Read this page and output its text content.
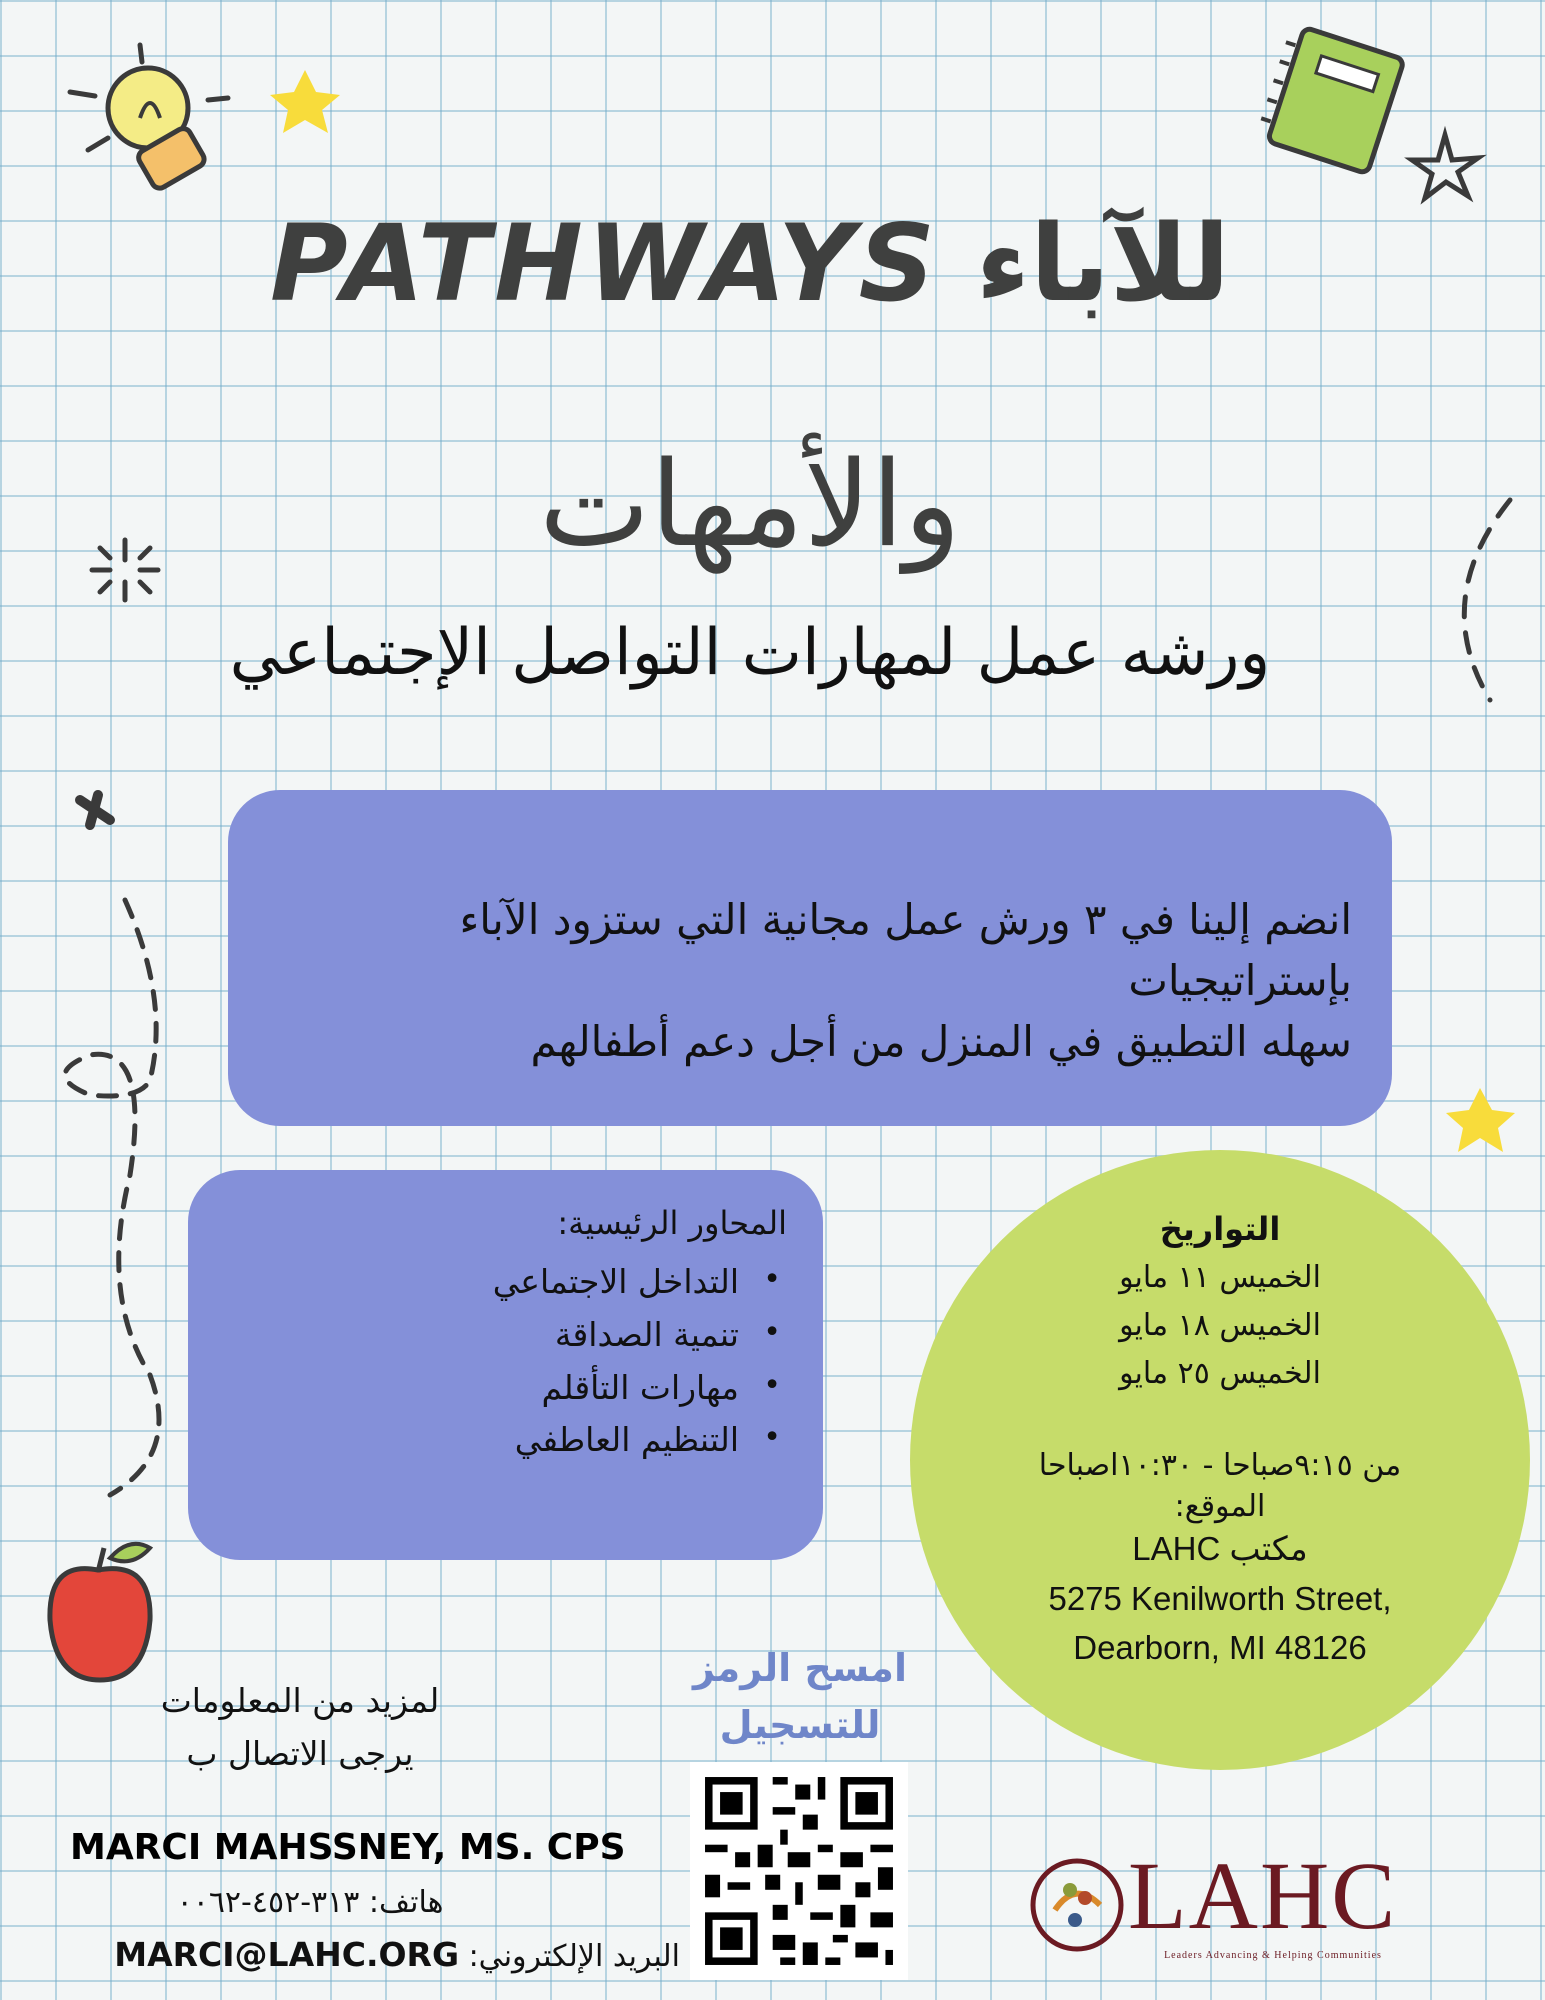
PATHWAYS للآباء
والأمهات
ورشه عمل لمهارات التواصل الإجتماعي
انضم إلينا في ٣ ورش عمل مجانية التي ستزود الآباء بإستراتيجيات
سهله التطبيق في المنزل من أجل دعم أطفالهم
المحاور الرئيسية:
• التداخل الاجتماعي
• تنمية الصداقة
• مهارات التأقلم
• التنظيم العاطفي
التواريخ
الخميس ١١ مايو
الخميس ١٨ مايو
الخميس ٢٥ مايو
من ٩:١٥صباحا - ١٠:٣٠اصباحا
الموقع:
مكتب LAHC
5275 Kenilworth Street,
Dearborn, MI 48126
لمزيد من المعلومات
يرجى الاتصال ب
MARCI MAHSSNEY, MS. CPS
هاتف: ٣١٣-٤٥٢-٠٠٦٢
البريد الإلكتروني: MARCI@LAHC.ORG
امسح الرمز
للتسجيل
LAHC
Leaders Advancing & Helping Communities
